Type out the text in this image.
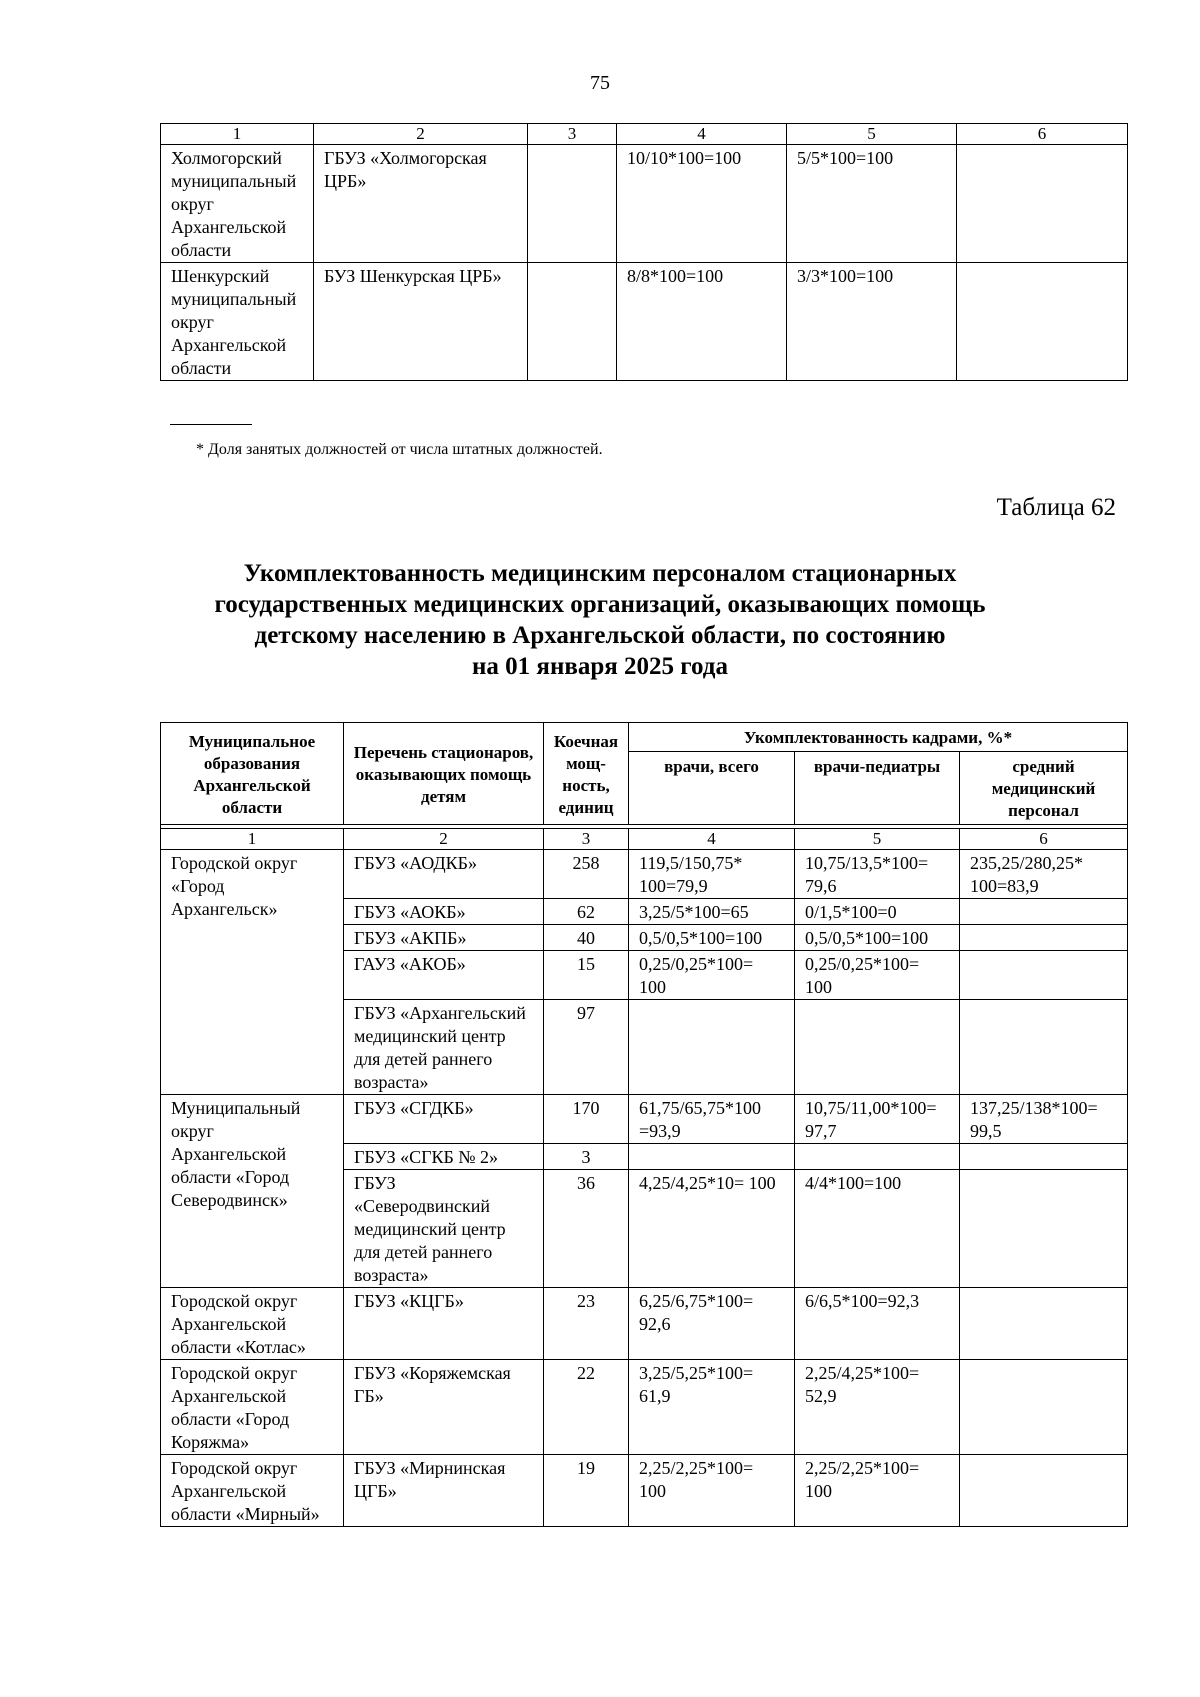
75
1	2	3	4	5	6
Холмогорский муниципальный округ Архангельской области	ГБУЗ «Холмогорская ЦРБ»		10/10*100=100	5/5*100=100	
Шенкурский муниципальный округ Архангельской области	БУЗ Шенкурская ЦРБ»		8/8*100=100	3/3*100=100	
* Доля занятых должностей от числа штатных должностей.
Таблица 62
Укомплектованность медицинским персоналом стационарных
государственных медицинских организаций, оказывающих помощь
детскому населению в Архангельской области, по состоянию
на 01 января 2025 года
Муниципальное образования Архангельской области	Перечень стационаров, оказывающих помощь детям	Коечная мощ-ность, единиц	Укомплектованность кадрами, %*		
			врачи, всего	врачи-педиатры	средний медицинский персонал

1	2	3	4	5	6
Городской округ «Город Архангельск»	ГБУЗ «АОДКБ»	258	119,5/150,75* 100=79,9	10,75/13,5*100= 79,6	235,25/280,25* 100=83,9
	ГБУЗ «АОКБ»	62	3,25/5*100=65	0/1,5*100=0	
	ГБУЗ «АКПБ»	40	0,5/0,5*100=100	0,5/0,5*100=100	
	ГАУЗ «АКОБ»	15	0,25/0,25*100= 100	0,25/0,25*100= 100	
	ГБУЗ «Архангельский медицинский центр для детей раннего возраста»	97			
Муниципальный округ Архангельской области «Город Северодвинск»	ГБУЗ «СГДКБ»	170	61,75/65,75*100 =93,9	10,75/11,00*100= 97,7	137,25/138*100= 99,5
	ГБУЗ «СГКБ № 2»	3			
	ГБУЗ «Северодвинский медицинский центр для детей раннего возраста»	36	4,25/4,25*10= 100	4/4*100=100	
Городской округ Архангельской области «Котлас»	ГБУЗ «КЦГБ»	23	6,25/6,75*100= 92,6	6/6,5*100=92,3	
Городской округ Архангельской области «Город Коряжма»	ГБУЗ «Коряжемская ГБ»	22	3,25/5,25*100= 61,9	2,25/4,25*100= 52,9	
Городской округ Архангельской области «Мирный»	ГБУЗ «Мирнинская ЦГБ»	19	2,25/2,25*100= 100	2,25/2,25*100= 100	
